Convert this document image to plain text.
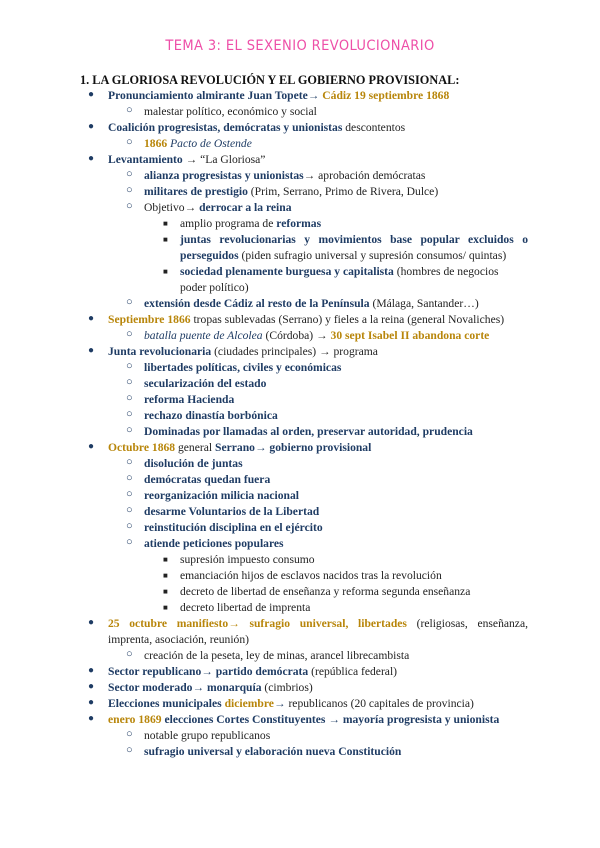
TEMA 3: EL SEXENIO REVOLUCIONARIO
1. LA GLORIOSA REVOLUCIÓN Y EL GOBIERNO PROVISIONAL:
Pronunciamiento almirante Juan Topete→ Cádiz 19 septiembre 1868
●
○ malestar político, económico y social
● Coalición progresistas, demócratas y unionistas descontentos
○ 1866 Pacto de Ostende
● Levantamiento → “La Gloriosa”
○ alianza progresistas y unionistas→ aprobación demócratas
○ militares de prestigio (Prim, Serrano, Primo de Rivera, Dulce)
○ Objetivo→ derrocar a la reina
■ amplio programa de reformas
■ juntas revolucionarias y movimientos base popular excluidos o
perseguidos (piden sufragio universal y supresión consumos/ quintas)
■ sociedad plenamente burguesa y capitalista (hombres de negocios
poder político)
○ extensión desde Cádiz al resto de la Península (Málaga, Santander…)
● Septiembre 1866 tropas sublevadas (Serrano) y fieles a la reina (general Novaliches)
○ batalla puente de Alcolea (Córdoba) → 30 sept Isabel II abandona corte
● Junta revolucionaria (ciudades principales) → programa
○ libertades políticas, civiles y económicas
○ secularización del estado
○ reforma Hacienda
○ rechazo dinastía borbónica
○ Dominadas por llamadas al orden, preservar autoridad, prudencia
● Octubre 1868 general Serrano→ gobierno provisional
○ disolución de juntas
○ demócratas quedan fuera
○ reorganización milicia nacional
○ desarme Voluntarios de la Libertad
○ reinstitución disciplina en el ejército
○ atiende peticiones populares
■ supresión impuesto consumo
■ emanciación hijos de esclavos nacidos tras la revolución
■ decreto de libertad de enseñanza y reforma segunda enseñanza
■ decreto libertad de imprenta
● 25 octubre manifiesto→ sufragio universal, libertades (religiosas, enseñanza,
imprenta, asociación, reunión)
○ creación de la peseta, ley de minas, arancel librecambista
● Sector republicano→ partido demócrata (república federal)
● Sector moderado→ monarquía (cimbrios)
● Elecciones municipales diciembre→ republicanos (20 capitales de provincia)
● enero 1869 elecciones Cortes Constituyentes → mayoría progresista y unionista
○ notable grupo republicanos
○ sufragio universal y elaboración nueva Constitución
